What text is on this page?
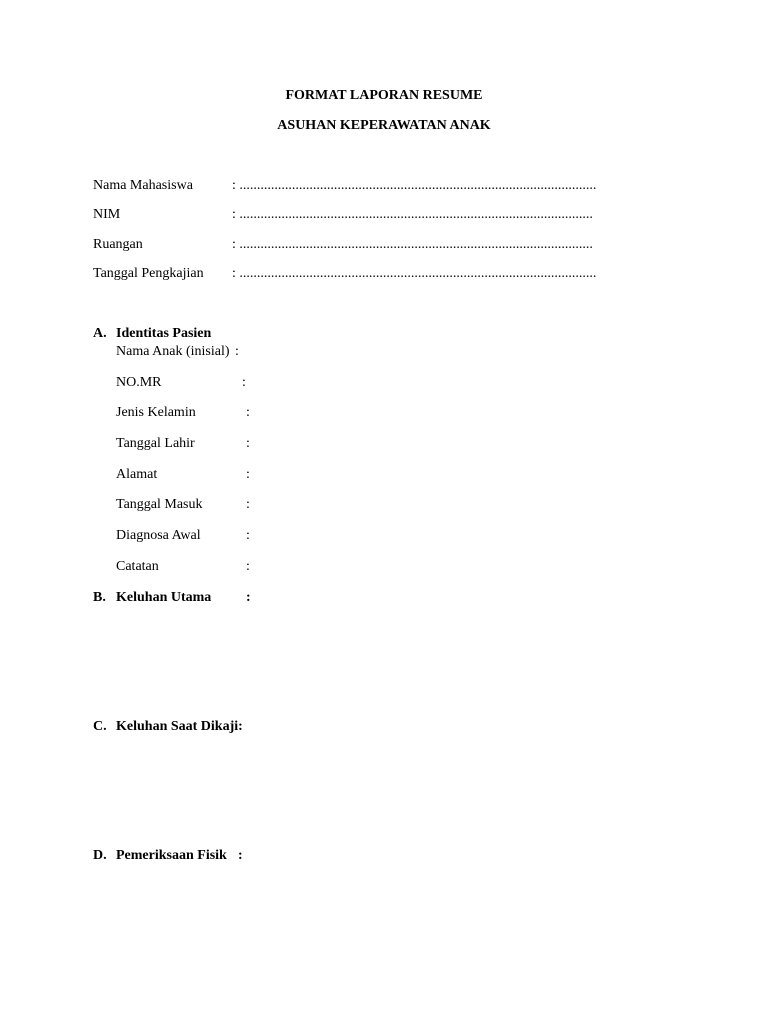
FORMAT LAPORAN RESUME
ASUHAN KEPERAWATAN ANAK
Nama Mahasiswa	: ......................................................................................................
NIM	: .....................................................................................................
Ruangan	: .....................................................................................................
Tanggal Pengkajian : ......................................................................................................
A. Identitas Pasien
Nama Anak (inisial) :
NO.MR	:
Jenis Kelamin	:
Tanggal Lahir	:
Alamat	:
Tanggal Masuk	:
Diagnosa Awal	:
Catatan	:
B. Keluhan Utama :
C. Keluhan Saat Dikaji:
D. Pemeriksaan Fisik :
